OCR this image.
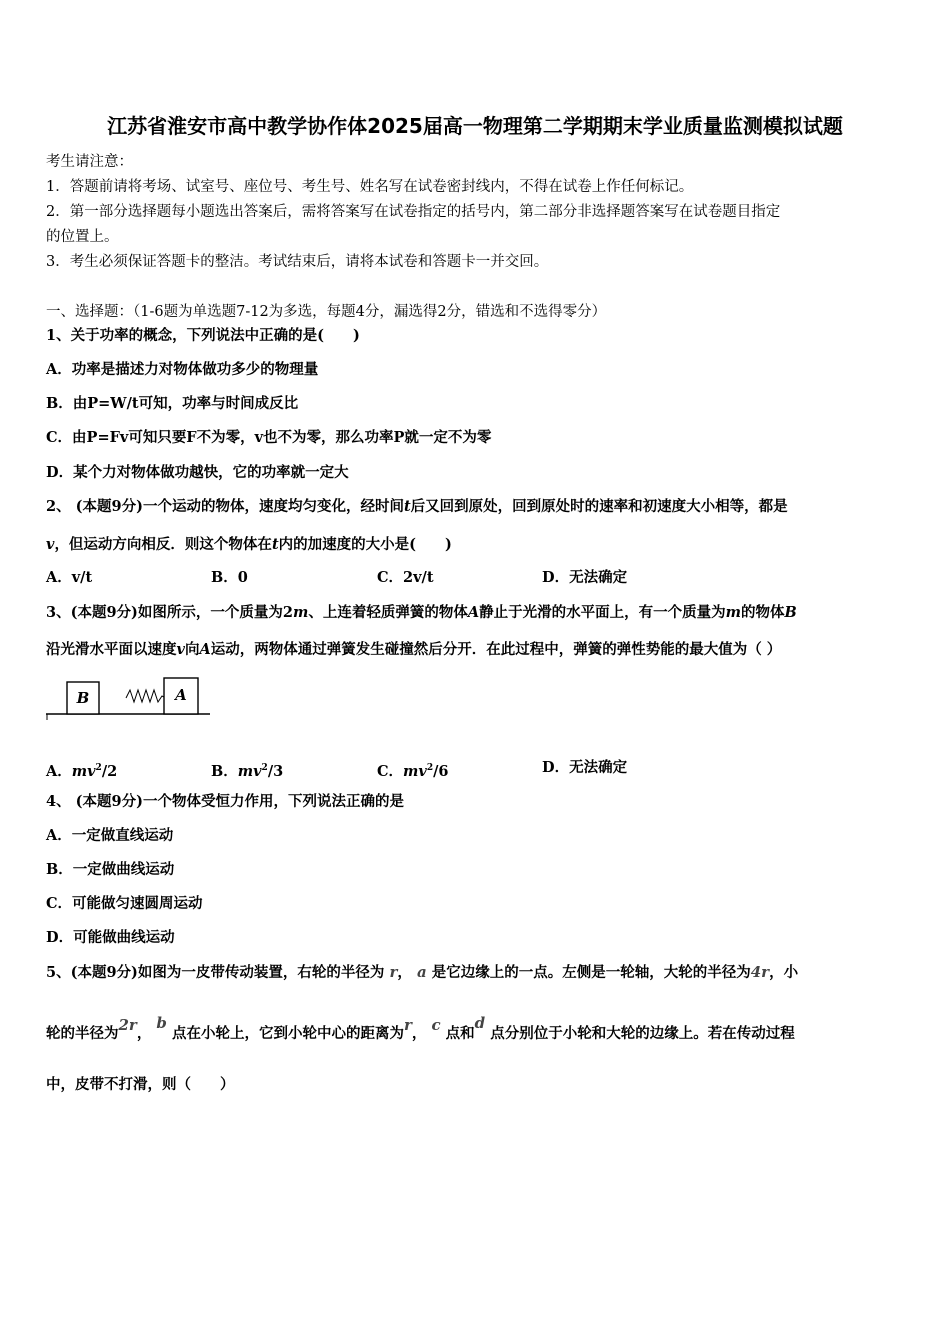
江苏省淮安市高中教学协作体2025届高一物理第二学期期末学业质量监测模拟试题
考生请注意：
1．答题前请将考场、试室号、座位号、考生号、姓名写在试卷密封线内，不得在试卷上作任何标记。
2．第一部分选择题每小题选出答案后，需将答案写在试卷指定的括号内，第二部分非选择题答案写在试卷题目指定
的位置上。
3．考生必须保证答题卡的整洁。考试结束后，请将本试卷和答题卡一并交回。
一、选择题：（1-6题为单选题7-12为多选，每题4分，漏选得2分，错选和不选得零分）
1、关于功率的概念，下列说法中正确的是(　　)
A．功率是描述力对物体做功多少的物理量
B．由P=W/t可知，功率与时间成反比
C．由P=Fv可知只要F不为零，v也不为零，那么功率P就一定不为零
D．某个力对物体做功越快，它的功率就一定大
2、 (本题9分)一个运动的物体，速度均匀变化，经时间t后又回到原处，回到原处时的速率和初速度大小相等，都是
v，但运动方向相反．则这个物体在t内的加速度的大小是(　　)
A．v/t	B．0	C．2v/t	D．无法确定
3、(本题9分)如图所示，一个质量为2m、上连着轻质弹簧的物体A静止于光滑的水平面上，有一个质量为m的物体B
沿光滑水平面以速度v向A运动，两物体通过弹簧发生碰撞然后分开．在此过程中，弹簧的弹性势能的最大值为（ ）
B	A
A．$mv^2/2$	B．$mv^2/3$	C．$mv^2/6$	D．无法确定
4、 (本题9分)一个物体受恒力作用，下列说法正确的是
A．一定做直线运动
B．一定做曲线运动
C．可能做匀速圆周运动
D．可能做曲线运动
5、(本题9分)如图为一皮带传动装置，右轮的半径为 r， a 是它边缘上的一点。左侧是一轮轴，大轮的半径为4r，小
轮的半径为2r， b 点在小轮上，它到小轮中心的距离为r， c 点和d 点分别位于小轮和大轮的边缘上。若在传动过程
中，皮带不打滑，则（　　）
